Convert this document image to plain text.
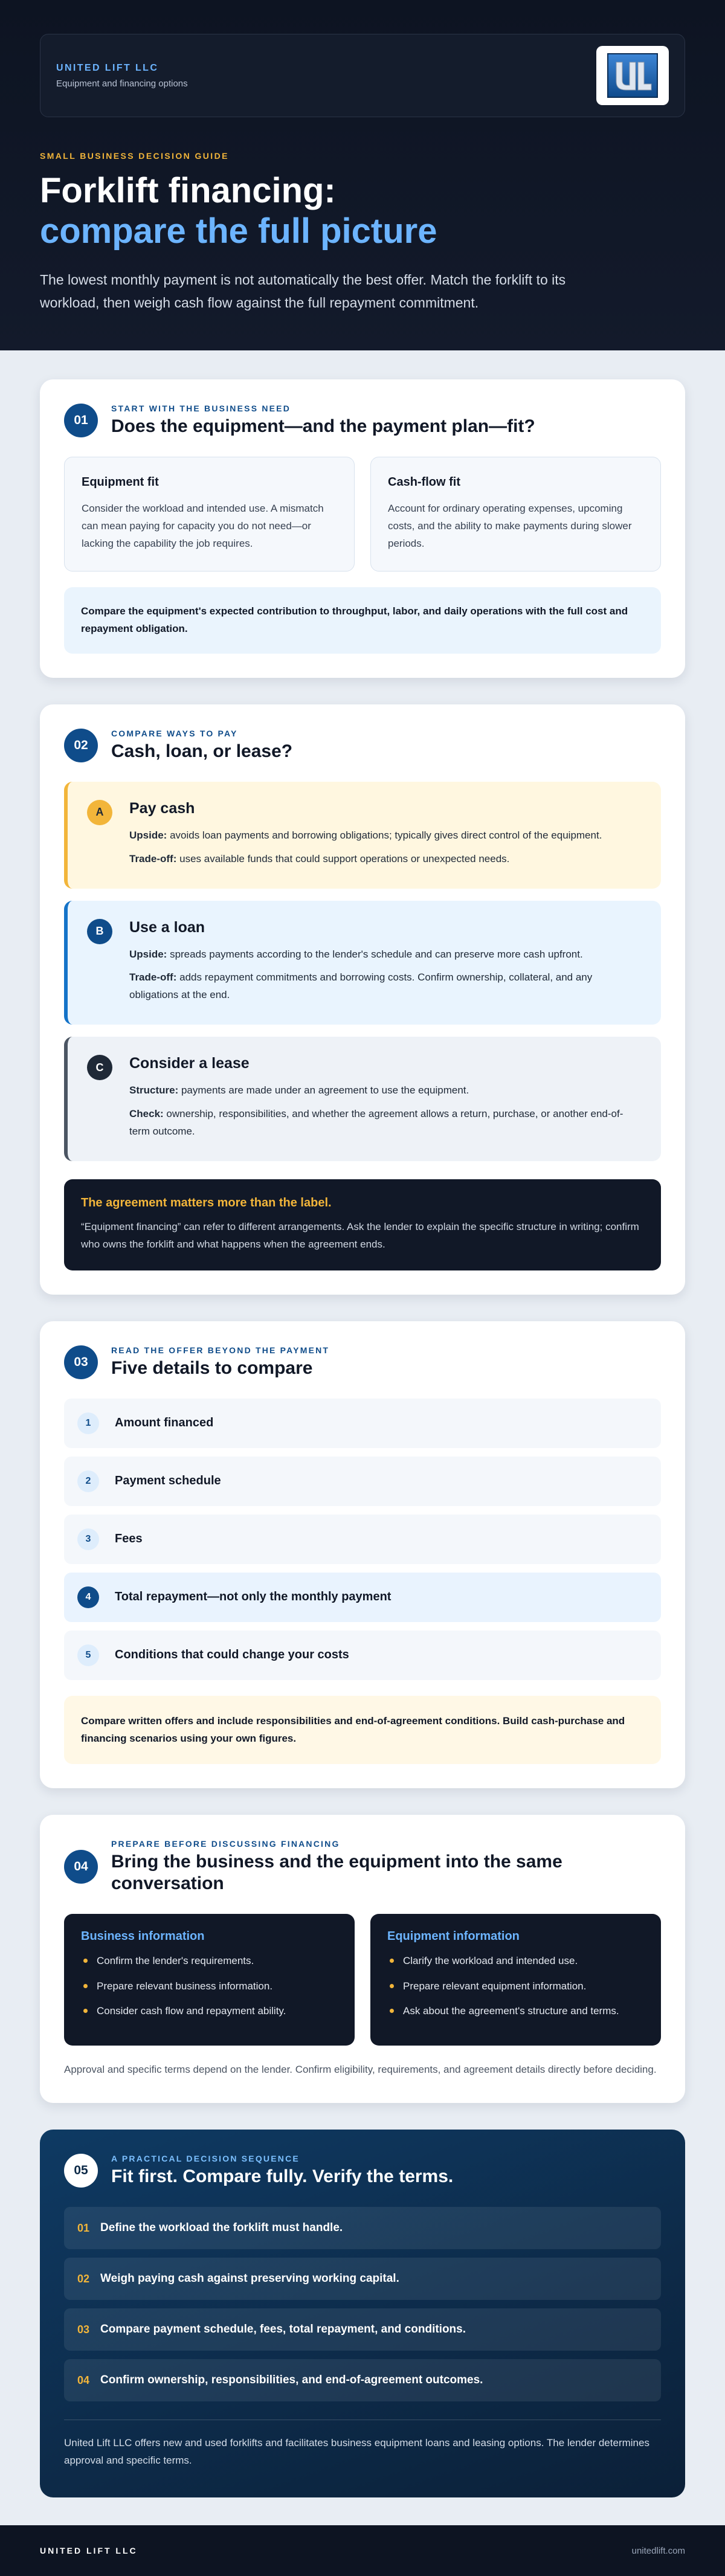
UNITED LIFT LLC
Equipment and financing options
SMALL BUSINESS DECISION GUIDE
Forklift financing:
compare the full picture

The lowest monthly payment is not automatically the best offer. Match the forklift to its workload, then weigh cash flow against the full repayment commitment.

01
START WITH THE BUSINESS NEED
Does the equipment—and the payment plan—fit?
Equipment fit

Consider the workload and intended use. A mismatch can mean paying for capacity you do not need—or lacking the capability the job requires.

Cash-flow fit

Account for ordinary operating expenses, upcoming costs, and the ability to make payments during slower periods.

Compare the equipment's expected contribution to throughput, labor, and daily operations with the full cost and repayment obligation.
02
COMPARE WAYS TO PAY
Cash, loan, or lease?
A	Pay cash

Upside: avoids loan payments and borrowing obligations; typically gives direct control of the equipment.

Trade-off: uses available funds that could support operations or unexpected needs.

B	Use a loan

Upside: spreads payments according to the lender's schedule and can preserve more cash upfront.

Trade-off: adds repayment commitments and borrowing costs. Confirm ownership, collateral, and any obligations at the end.

C	Consider a lease

Structure: payments are made under an agreement to use the equipment.

Check: ownership, responsibilities, and whether the agreement allows a return, purchase, or another end-of-term outcome.

The agreement matters more than the label.

“Equipment financing” can refer to different arrangements. Ask the lender to explain the specific structure in writing; confirm who owns the forklift and what happens when the agreement ends.

03
READ THE OFFER BEYOND THE PAYMENT
Five details to compare
1	Amount financed
2	Payment schedule
3	Fees
4	Total repayment—not only the monthly payment
5	Conditions that could change your costs
Compare written offers and include responsibilities and end-of-agreement conditions. Build cash-purchase and financing scenarios using your own figures.
04
PREPARE BEFORE DISCUSSING FINANCING
Bring the business and the equipment into the same conversation
Business information
Confirm the lender's requirements.
Prepare relevant business information.
Consider cash flow and repayment ability.
Equipment information
Clarify the workload and intended use.
Prepare relevant equipment information.
Ask about the agreement's structure and terms.

Approval and specific terms depend on the lender. Confirm eligibility, requirements, and agreement details directly before deciding.

05
A PRACTICAL DECISION SEQUENCE
Fit first. Compare fully. Verify the terms.
01 Define the workload the forklift must handle.
02 Weigh paying cash against preserving working capital.
03 Compare payment schedule, fees, total repayment, and conditions.
04 Confirm ownership, responsibilities, and end-of-agreement outcomes.

United Lift LLC offers new and used forklifts and facilitates business equipment loans and leasing options. The lender determines approval and specific terms.

UNITED LIFT LLC	unitedlift.com
